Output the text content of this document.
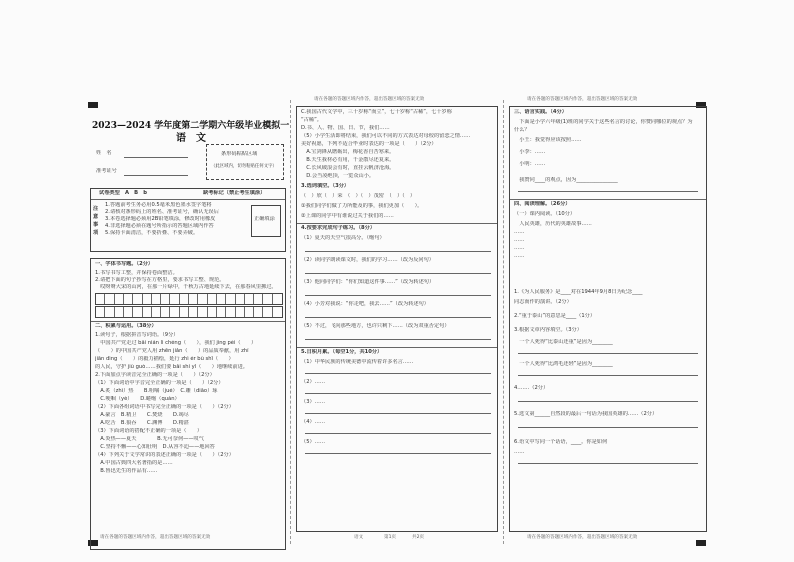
2023—2024 学年度第二学期六年级毕业模拟一
语　文
姓　名
准考证号
条形码粘贴区域
（此区域内，切勿粘贴任何文字）
试卷类型　A　B　b	缺考标记（禁止考生填涂）
注意事项
1.答题前考生务必用0.5毫米黑色墨水签字笔将
2.请核对条形码上的姓名、准考证号，确认无误后
3.本卷选择题必须用2B铅笔填涂，修改时用橡皮
4.非选择题必须在题号所指示的答题区域内作答
5.保持卡面清洁，不要折叠、不要弄破。
正确填涂
一、字体书写题。（2分）
1.书写书写工整，并保持卷面整洁。
2.请把下面的句子抄写在方格里，要求书写工整、规范。
　哎呀呀大宋的山河，在那一片绿中，千秋万古地延续下去，在那春风里拂过。
二、积累与运用。（38分）
1.读句子，根据拼音写词语。（9分）
　中国共产党走过 bǎi nián lì chéng（　　），我们 jìng pèi（　　）
（　　）的中国共产党人用 zhēn jiǎn（　　）的品质奉献，用 zhí
jiān dìng（　　）的毅力描绘，延行 zhì ér bù shī（　　）
的人民，守护 jiù guò……我们要 bǎi shí yǐ（　　）地继续前进。
2.下面加点字读音完全正确的一项是（　　）（2分）
（1）下面词语中字音完全正确的一项是（　　）（2分）
　A.炙（zhì）热　　B.咀嚼（jué）　C.雕（diāo）琢
　C.哽咽（yè）　　D.蜷缩（quán）
（2）下面各组词语中书写完全正确的一项是（　　）（2分）
　A.豪言　B.精卫　　C.焚烧　　D.竭尽
　A.吃舌　B.狼吞　　C.渊博　　D.精湛
（3）下面词语的搭配不正确的一项是（　　）
　A.炎热——夏天　　　　B.无可奈何——叹气
　C.坚持不懈——心知肚明　D.从容不迫——地回答
（4）下列关于文学常识的表述正确的一项是（　　）（2分）
　A.中国古典四大名著指的是……
　B.鲁迅先生的作品有……
请在各题的答题区域内作答，超出答题区域的答案无效
请在各题的答题区域内作答，超出答题区域的答案无效
C.我国古代文学中，三十岁称“而立”，七十岁称“古稀”，七十岁称
“古稀”。
D.书、人、物、国、日、节，我们……
（5）小学生活即将结束，我们可以不同的方式表达对母校的留恋之情……
美好祝愿，下列不适合毕业时表达的一项是（　　）（2分）
　A.宝剑锋从磨砺出，梅花香自苦寒来。
　B.天生我材必有用，千金散尽还复来。
　C.长风破浪会有时，直挂云帆济沧海。
　D.会当凌绝顶，一览众山小。
3.选词填空。（3分）
（　）欣（　）荣　（　）（　）茂密　（　）（　）
①我们同学们做了力所能及的事，我们更加（　　）。
②上课的同学中有谁说过关于我们的……
4.按要求完成句子练习。（8分）
（1）夏天的天空气很高分。（缩句）
（2）读同学朗读课文时，我们的学习……（改为反问句）
（3）他问同学们：“你们知道这件事……”（改为转述句）
（4）小芳对我说：“你走吧，我去……”（改为转述句）
（5）不过，飞向那些地方，也许只剩下……（改为双重否定句）
5.日积月累。（每空1分，共10分）
（1）中华民族的传统美德中流传着许多名言……
（2）……
（3）……
（4）……
（5）……
语文	第1页	共2页
请在各题的答题区域内作答，超出答题区域的答案无效
三、语言实践。（4分）
　下面是小学六年级(1)班的同学关于这些名言的讨论，你赞同哪位的观点？为
什么？
　小王：我觉得应该按照……
　小李：……
　小明：……
　我赞同____的观点，因为________________
四、阅读理解。（26分）
（一）课内阅读。（10分）
　人民英雄，历代的英雄故事……
……
……
……
……
1.《为人民服务》是____对在1944年9月8日为纪念____
同志而作的演讲。（2分）
2.“重于泰山”的意思是____（1分）
3.根据文章内容填空。（3分）
　一个人死得“比泰山还重”是因为________
　一个人死得“比鸿毛还轻”是因为________
4.……（2分）
5.选文第______自然段的最后一句话为我国英雄的……（2分）
6.语文中写同一个话语，____。你是如何
……
请在各题的答题区域内作答，超出答题区域的答案无效
